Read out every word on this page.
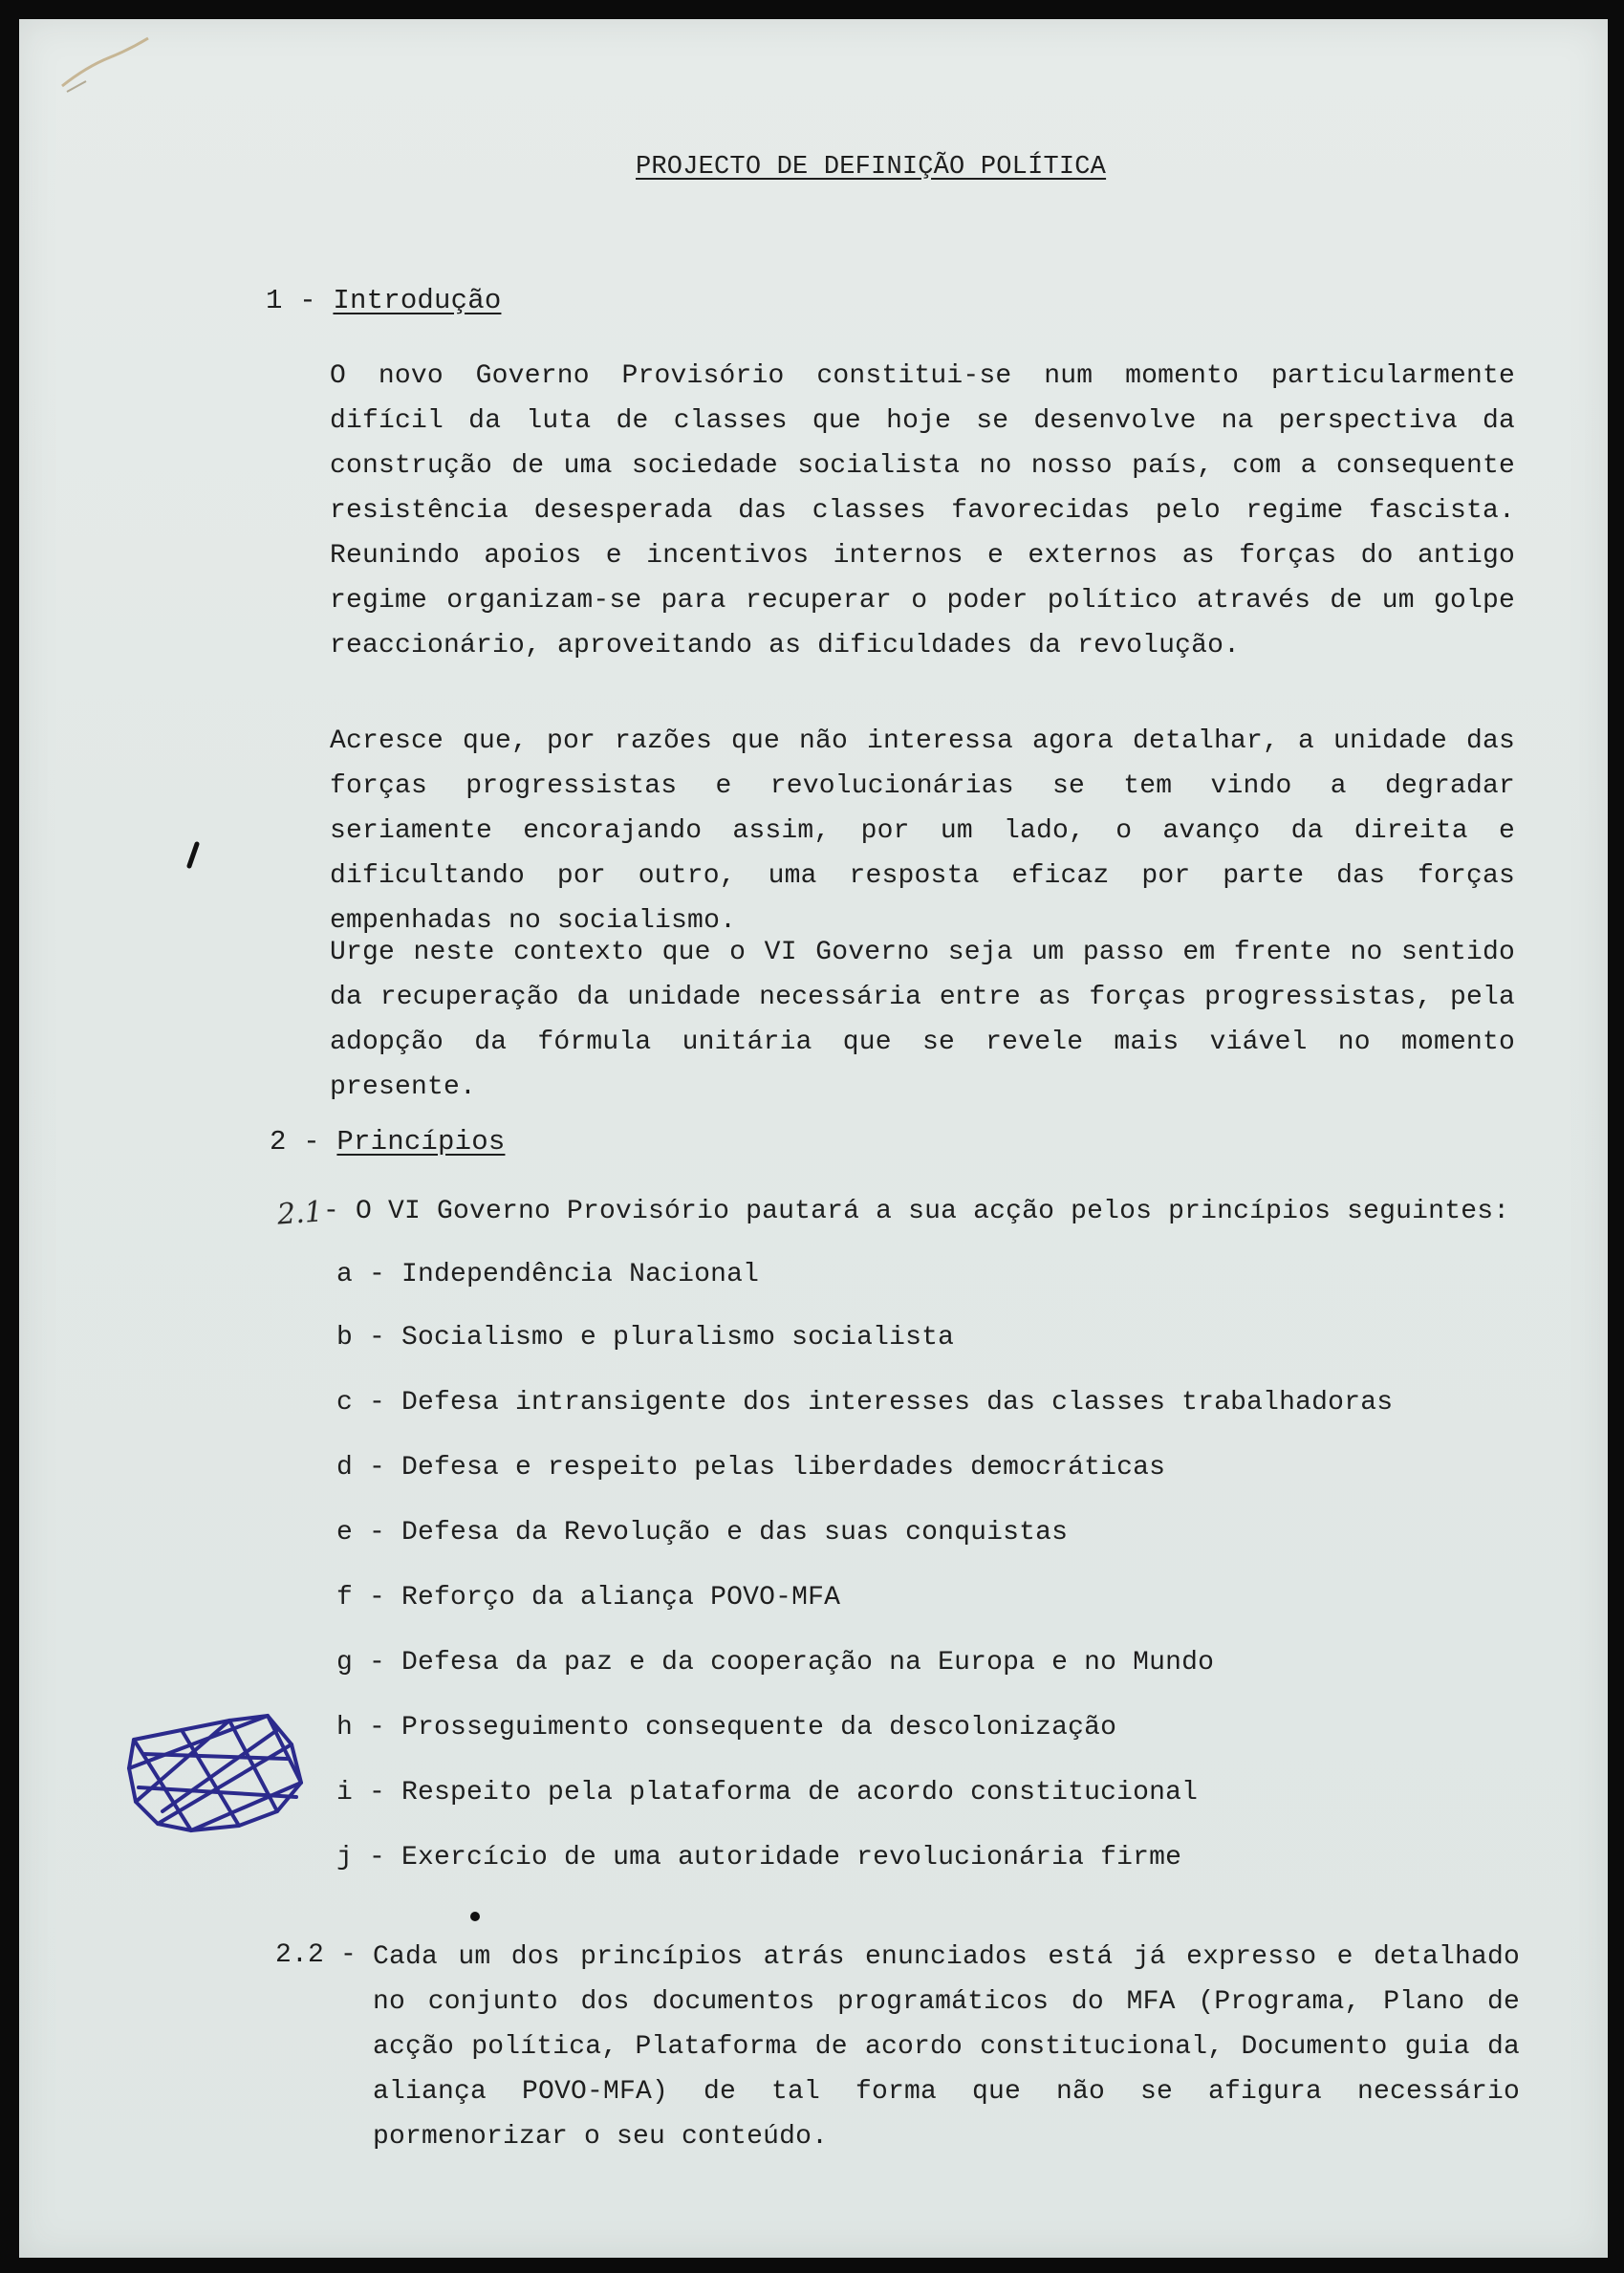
PROJECTO DE DEFINIÇÃO POLÍTICA
1 - Introdução
O novo Governo Provisório constitui-se num momento particularmente difícil da luta de classes que hoje se desenvolve na perspectiva da construção de uma sociedade socialista no nosso país, com a consequente resistência desesperada das classes favorecidas pelo regime fascista. Reunindo apoios e incentivos internos e externos as forças do antigo regime organizam-se para recuperar o poder político através de um golpe reaccionário, aproveitando as dificuldades da revolução.
Acresce que, por razões que não interessa agora detalhar, a unidade das forças progressistas e revolucionárias se tem vindo a degradar seriamente encorajando assim, por um lado, o avanço da direita e dificultando por outro, uma resposta eficaz por parte das forças empenhadas no socialismo.
Urge neste contexto que o VI Governo seja um passo em frente no sentido da recuperação da unidade necessária entre as forças progressistas, pela adopção da fórmula unitária que se revele mais viável no momento presente.
2 - Princípios
2.1 - O VI Governo Provisório pautará a sua acção pelos princípios seguintes:
a - Independência Nacional
b - Socialismo e pluralismo socialista
c - Defesa intransigente dos interesses das classes trabalhadoras
d - Defesa e respeito pelas liberdades democráticas
e - Defesa da Revolução e das suas conquistas
f - Reforço da aliança POVO-MFA
g - Defesa da paz e da cooperação na Europa e no Mundo
h - Prosseguimento consequente da descolonização
i - Respeito pela plataforma de acordo constitucional
j - Exercício de uma autoridade revolucionária firme
2.2 - Cada um dos princípios atrás enunciados está já expresso e detalhado no conjunto dos documentos programáticos do MFA (Programa, Plano de acção política, Plataforma de acordo constitucional, Documento guia da aliança POVO-MFA) de tal forma que não se afigura necessário pormenorizar o seu conteúdo.
